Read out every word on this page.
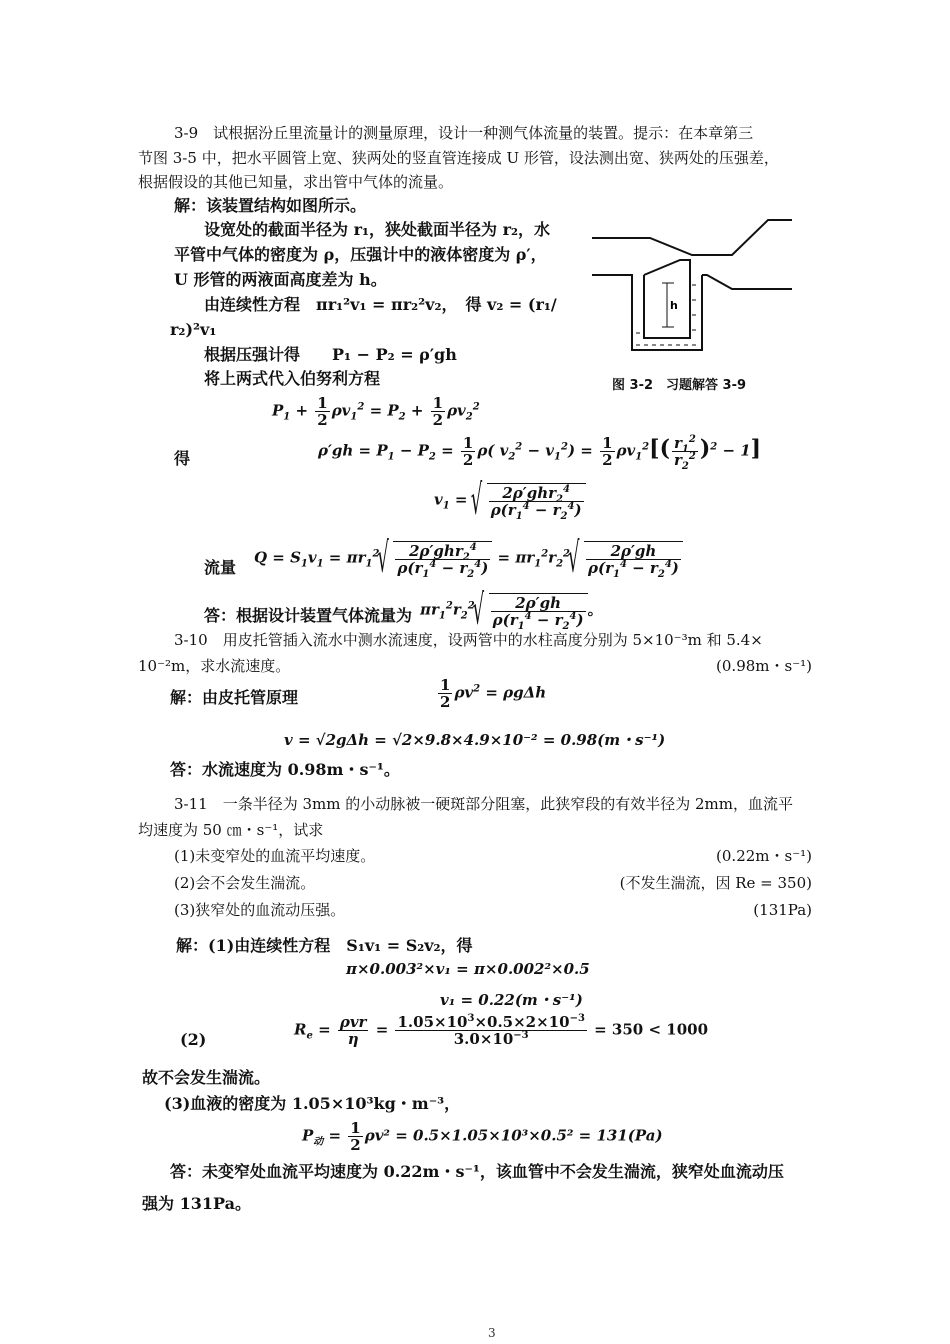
3-9　试根据汾丘里流量计的测量原理，设计一种测气体流量的装置。提示：在本章第三
节图 3-5 中，把水平圆管上宽、狭两处的竖直管连接成 U 形管，设法测出宽、狭两处的压强差，
根据假设的其他已知量，求出管中气体的流量。
解：该装置结构如图所示。
设宽处的截面半径为 r₁，狭处截面半径为 r₂，水
平管中气体的密度为 ρ，压强计中的液体密度为 ρ′，
U 形管的两液面高度差为 h。
由连续性方程　πr₁²v₁ = πr₂²v₂，　得 v₂ = (r₁/
r₂)²v₁
根据压强计得　　P₁ − P₂ = ρ′gh
将上两式代入伯努利方程
h
图 3-2　习题解答 3-9
$P_1 + \frac{1}{2} \rho v_1^2 = P_2 + \frac{1}{2} \rho v_2^2$
得	$\rho'gh = P_1 - P_2 = \frac{1}{2} \rho$( $v_2^2 - v_1^2) = \frac{1}{2} \rho v_1^2[( \frac{r_1^2}{r_2^2} )^2 - 1]$
$v_1$ = √ $\frac{2\rho'ghr_2^4}{\rho(r_1^4 - r_2^4)}$
流量
$Q = S_1v_1 = \pi r_1^2$ √ $\frac{2\rho'ghr_2^4}{\rho(r_1^4 - r_2^4)} = \pi r_1^2r_2^2$ √ $\frac{2\rho'gh}{\rho(r_1^4 - r_2^4)}$
答：根据设计装置气体流量为 $\pi r_1^2r_2^2$ √ $\frac{2\rho'gh}{\rho(r_1^4 - r_2^4)}$ 。
3-10　用皮托管插入流水中测水流速度，设两管中的水柱高度分别为 5×10⁻³m 和 5.4×
10⁻²m，求水流速度。	(0.98m・s⁻¹)
解：由皮托管原理	$\frac{1}{2} \rho v^2 = \rho g\Delta h$
v = √2gΔh = √2×9.8×4.9×10⁻² = 0.98(m・s⁻¹)
答：水流速度为 0.98m・s⁻¹。
3-11　一条半径为 3mm 的小动脉被一硬斑部分阻塞，此狭窄段的有效半径为 2mm，血流平
均速度为 50 ㎝・s⁻¹，试求
(1)未变窄处的血流平均速度。	(0.22m・s⁻¹)
(2)会不会发生湍流。	(不发生湍流，因 Re = 350)
(3)狭窄处的血流动压强。	(131Pa)
解：(1)由连续性方程　S₁v₁ = S₂v₂，得
π×0.003²×v₁ = π×0.002²×0.5
v₁ = 0.22(m・s⁻¹)
(2)
$R_e = \frac{\text{ρvr}}{\eta} = \frac{1.05\times 10^3\times 0.5\times 2\times 10^{-3}}{3.0\times 10^{-3}} = 350 < 1000$
故不会发生湍流。
(3)血液的密度为 1.05×10³kg・m⁻³，
$P_动 = \frac{1}{2} \rho v^2 = 0.5\times 1.05\times 10^3\times 0.5^2 = 131(Pa)$
答：未变窄处血流平均速度为 0.22m・s⁻¹，该血管中不会发生湍流，狭窄处血流动压
强为 131Pa。
3
